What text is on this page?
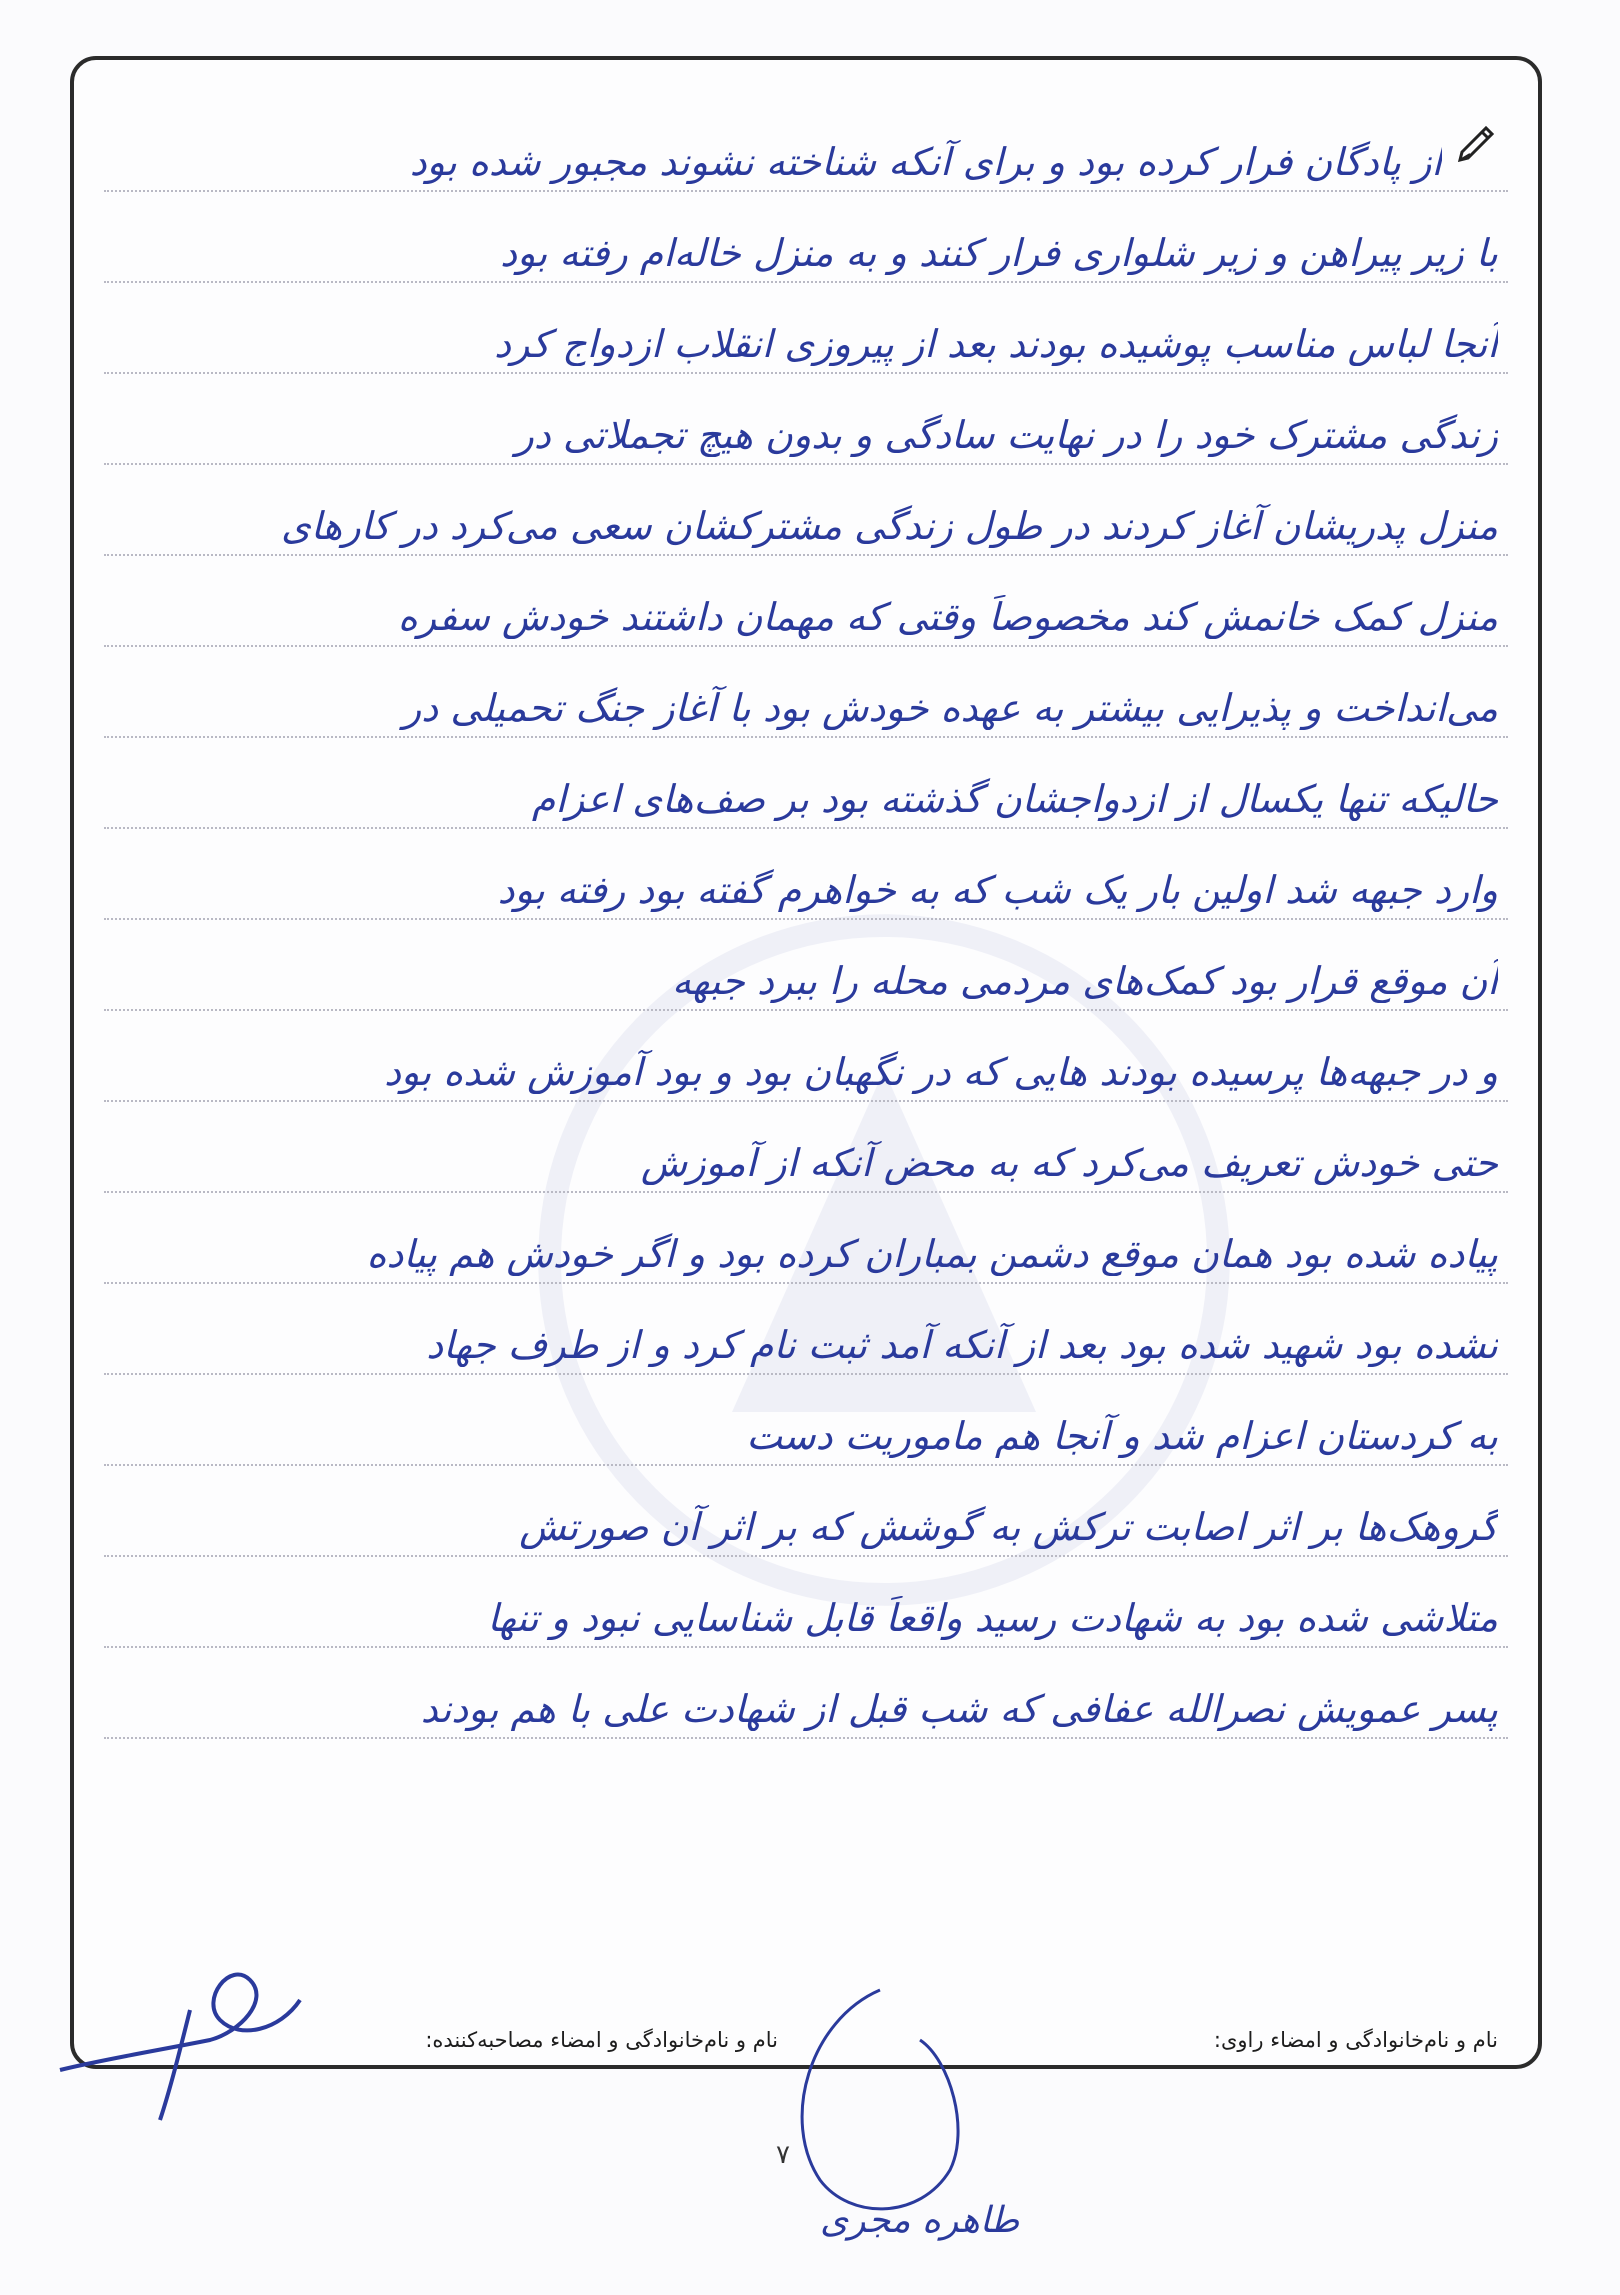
از پادگان فرار کرده بود و برای آنکه شناخته نشوند مجبور شده بود
با زیر پیراهن و زیر شلواری فرار کنند و به منزل خاله‌ام رفته بود
آنجا لباس مناسب پوشیده بودند بعد از پیروزی انقلاب ازدواج کرد
زندگی مشترک خود را در نهایت سادگی و بدون هیچ تجملاتی در
منزل پدریشان آغاز کردند در طول زندگی مشترکشان سعی می‌کرد در کارهای
منزل کمک خانمش کند مخصوصاً وقتی که مهمان داشتند خودش سفره
می‌انداخت و پذیرایی بیشتر به عهده خودش بود با آغاز جنگ تحمیلی در
حالیکه تنها یکسال از ازدواجشان گذشته بود بر صف‌های اعزام
وارد جبهه شد اولین بار یک شب که به خواهرم گفته بود رفته بود
آن موقع قرار بود کمک‌های مردمی محله را ببرد جبهه
و در جبهه‌ها پرسیده بودند هایی که در نگهبان بود و بود آموزش شده بود
حتی خودش تعریف می‌کرد که به محض آنکه از آموزش
پیاده شده بود همان موقع دشمن بمباران کرده بود و اگر خودش هم پیاده
نشده بود شهید شده بود بعد از آنکه آمد ثبت نام کرد و از طرف جهاد
به کردستان اعزام شد و آنجا هم ماموریت دست
گروهک‌ها بر اثر اصابت ترکش به گوشش که بر اثر آن صورتش
متلاشی شده بود به شهادت رسید واقعاً قابل شناسایی نبود و تنها
پسر عمویش نصرالله عفافی که شب قبل از شهادت علی با هم بودند
نام و نام‌خانوادگی و امضاء راوی:
نام و نام‌خانوادگی و امضاء مصاحبه‌کننده:
۷
طاهره مجری
